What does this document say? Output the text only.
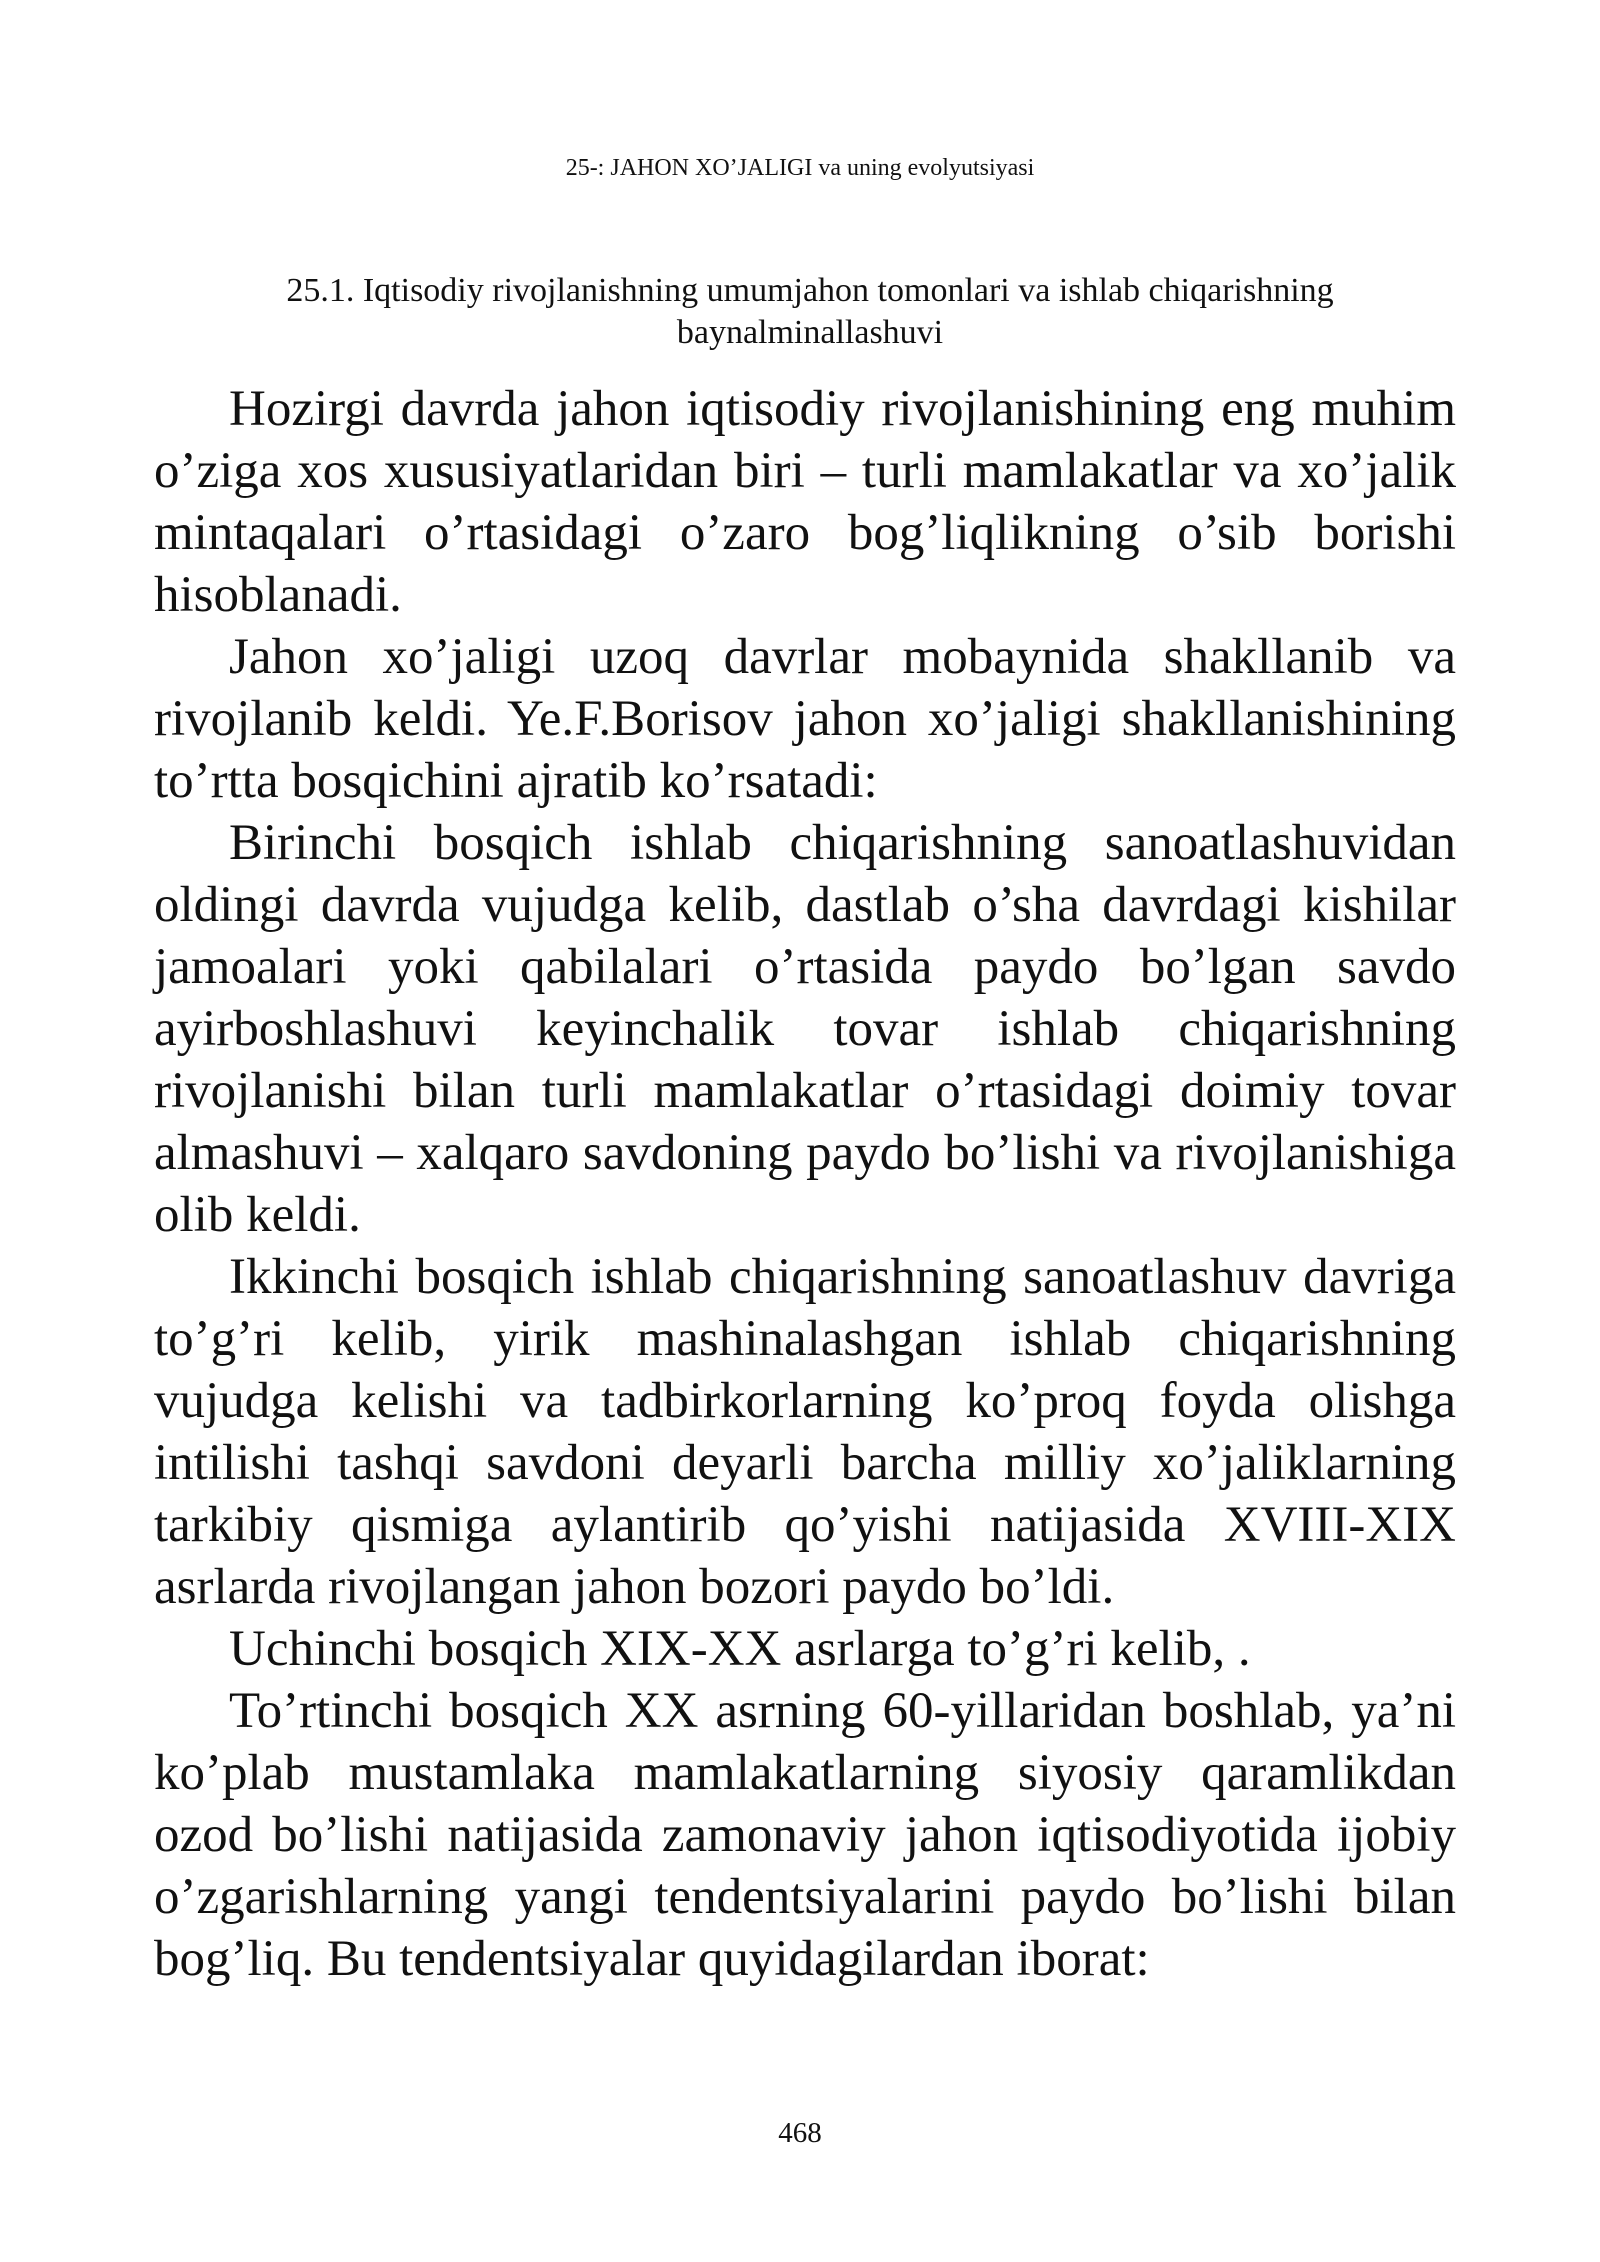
25-: JAHON XO’JALIGI va uning evolyutsiyasi
25.1. Iqtisodiy rivojlanishning umumjahon tomonlari va ishlab chiqarishning baynalminallashuvi

Hozirgi davrda jahon iqtisodiy rivojlanishining eng muhim o’ziga xos xususiyatlaridan biri – turli mamlakatlar va xo’jalik mintaqalari o’rtasidagi o’zaro bog’liqlikning o’sib borishi hisoblanadi.

Jahon xo’jaligi uzoq davrlar mobaynida shakllanib va rivojlanib keldi. Ye.F.Borisov jahon xo’jaligi shakllanishining to’rtta bosqichini ajratib ko’rsatadi:

Birinchi bosqich ishlab chiqarishning sanoatlashuvidan oldingi davrda vujudga kelib, dastlab o’sha davrdagi kishilar jamoalari yoki qabilalari o’rtasida paydo bo’lgan savdo ayirboshlashuvi keyinchalik tovar ishlab chiqarishning rivojlanishi bilan turli mamlakatlar o’rtasidagi doimiy tovar almashuvi – xalqaro savdoning paydo bo’lishi va rivojlanishiga olib keldi.

Ikkinchi bosqich ishlab chiqarishning sanoatlashuv davriga to’g’ri kelib, yirik mashinalashgan ishlab chiqarishning vujudga kelishi va tadbirkorlarning ko’proq foyda olishga intilishi tashqi savdoni deyarli barcha milliy xo’jaliklarning tarkibiy qismiga aylantirib qo’yishi natijasida XVIII-XIX asrlarda rivojlangan jahon bozori paydo bo’ldi.

Uchinchi bosqich XIX-XX asrlarga to’g’ri kelib, .

To’rtinchi bosqich XX asrning 60-yillaridan boshlab, ya’ni ko’plab mustamlaka mamlakatlarning siyosiy qaramlikdan ozod bo’lishi natijasida zamonaviy jahon iqtisodiyotida ijobiy o’zgarishlarning yangi tendentsiyalarini paydo bo’lishi bilan bog’liq. Bu tendentsiyalar quyidagilardan iborat:

468
